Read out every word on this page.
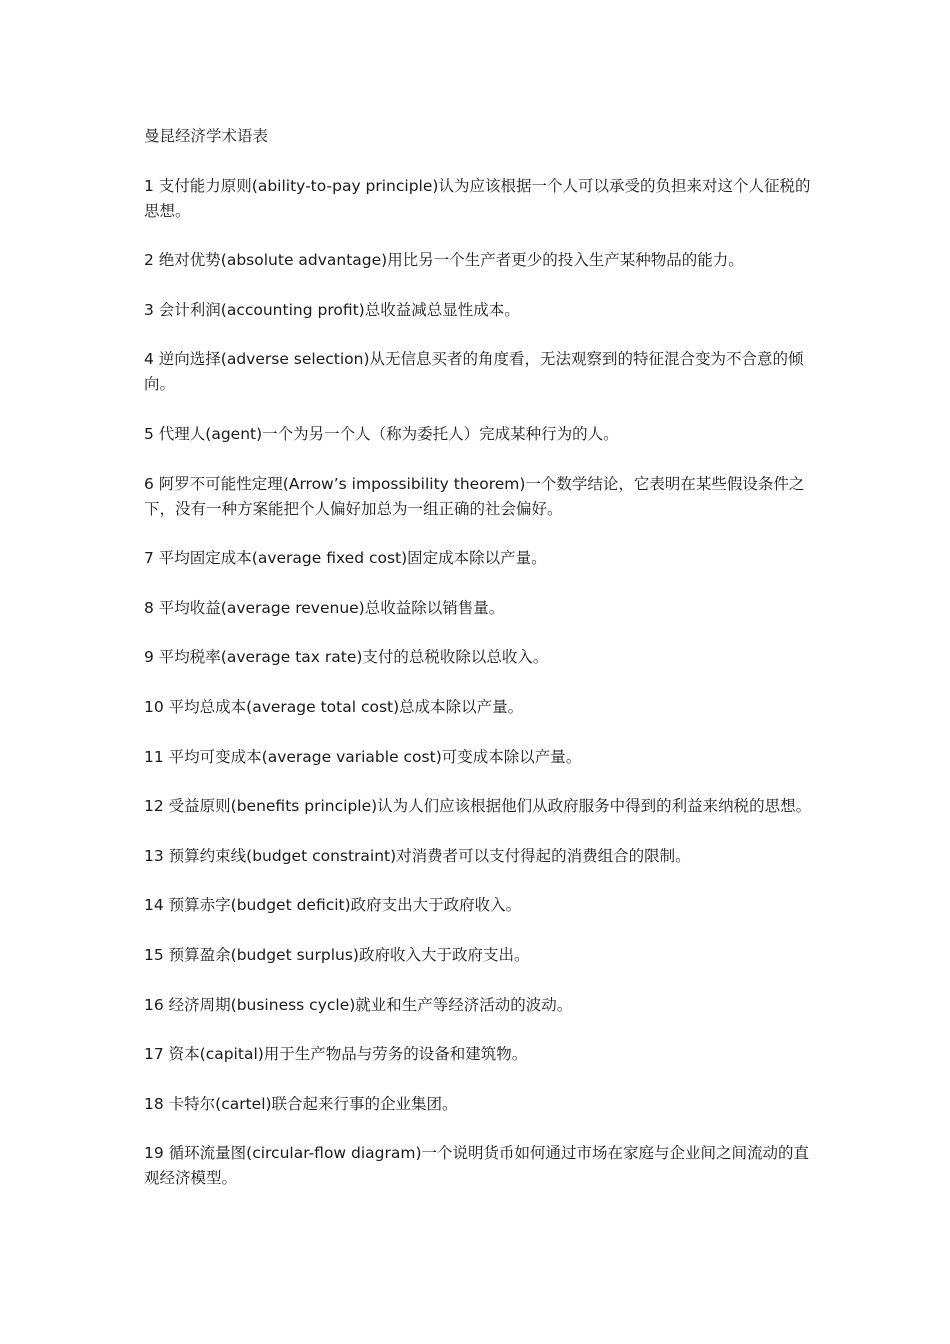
曼昆经济学术语表

1 支付能力原则(ability-to-pay principle)认为应该根据一个人可以承受的负担来对这个人征税的思想。
2 绝对优势(absolute advantage)用比另一个生产者更少的投入生产某种物品的能力。
3 会计利润(accounting profit)总收益减总显性成本。
4 逆向选择(adverse selection)从无信息买者的角度看，无法观察到的特征混合变为不合意的倾向。
5 代理人(agent)一个为另一个人（称为委托人）完成某种行为的人。
6 阿罗不可能性定理(Arrow’s impossibility theorem)一个数学结论，它表明在某些假设条件之下，没有一种方案能把个人偏好加总为一组正确的社会偏好。
7 平均固定成本(average fixed cost)固定成本除以产量。
8 平均收益(average revenue)总收益除以销售量。
9 平均税率(average tax rate)支付的总税收除以总收入。
10 平均总成本(average total cost)总成本除以产量。
11 平均可变成本(average variable cost)可变成本除以产量。
12 受益原则(benefits principle)认为人们应该根据他们从政府服务中得到的利益来纳税的思想。
13 预算约束线(budget constraint)对消费者可以支付得起的消费组合的限制。
14 预算赤字(budget deficit)政府支出大于政府收入。
15 预算盈余(budget surplus)政府收入大于政府支出。
16 经济周期(business cycle)就业和生产等经济活动的波动。
17 资本(capital)用于生产物品与劳务的设备和建筑物。
18 卡特尔(cartel)联合起来行事的企业集团。
19 循环流量图(circular-flow diagram)一个说明货币如何通过市场在家庭与企业间之间流动的直观经济模型。
